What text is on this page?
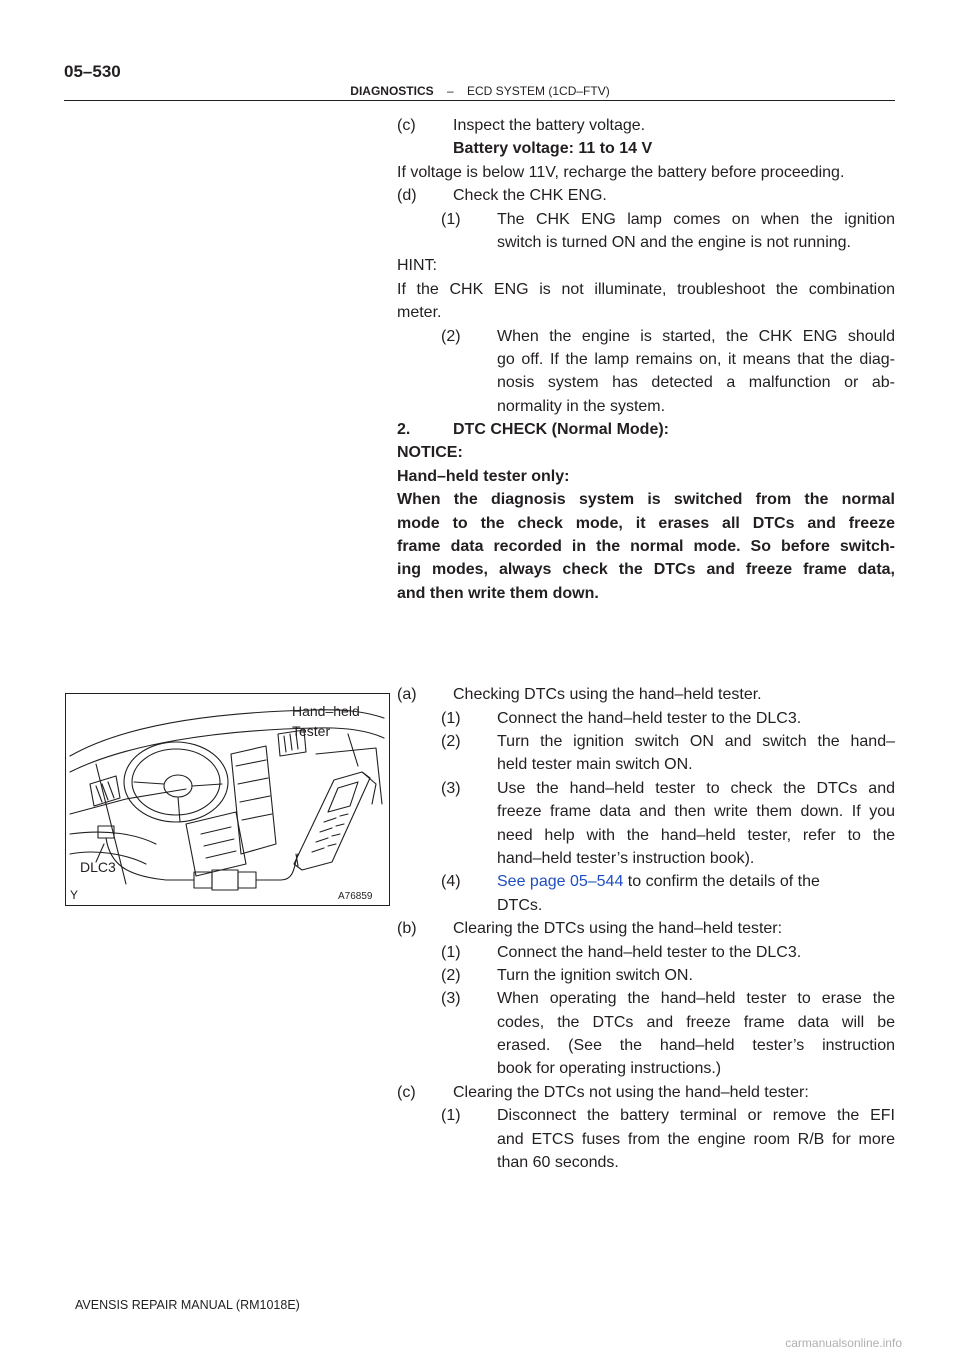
05–530
DIAGNOSTICS – ECD SYSTEM (1CD–FTV)
Hand–held
Tester
DLC3
Y	A76859
(c) Inspect the battery voltage.
Battery voltage: 11 to 14 V
If voltage is below 11V, recharge the battery before proceeding.
(d) Check the CHK ENG.
(1) The CHK ENG lamp comes on when the ignition
switch is turned ON and the engine is not running.
HINT:
If the CHK ENG is not illuminate, troubleshoot the combination
meter.
(2) When the engine is started, the CHK ENG should
go off. If the lamp remains on, it means that the diag-
nosis system has detected a malfunction or ab-
normality in the system.
2.	DTC CHECK (Normal Mode):
NOTICE:
Hand–held tester only:
When the diagnosis system is switched from the normal
mode to the check mode, it erases all DTCs and freeze
frame data recorded in the normal mode. So before switch-
ing modes, always check the DTCs and freeze frame data,
and then write them down.
(a) Checking DTCs using the hand–held tester.
(1) Connect the hand–held tester to the DLC3.
(2) Turn the ignition switch ON and switch the hand–
held tester main switch ON.
(3) Use the hand–held tester to check the DTCs and
freeze frame data and then write them down. If you
need help with the hand–held tester, refer to the
hand–held tester’s instruction book).
(4) See page 05–544 to confirm the details of the
DTCs.
(b) Clearing the DTCs using the hand–held tester:
(1) Connect the hand–held tester to the DLC3.
(2) Turn the ignition switch ON.
(3) When operating the hand–held tester to erase the
codes, the DTCs and freeze frame data will be
erased. (See the hand–held tester’s instruction
book for operating instructions.)
(c) Clearing the DTCs not using the hand–held tester:
(1) Disconnect the battery terminal or remove the EFI
and ETCS fuses from the engine room R/B for more
than 60 seconds.
AVENSIS REPAIR MANUAL (RM1018E)
carmanualsonline.info
